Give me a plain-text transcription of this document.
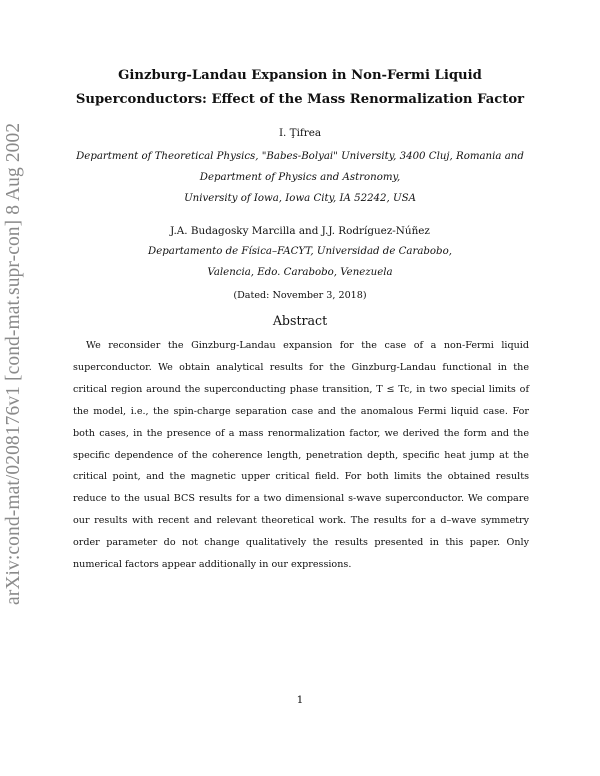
arXiv:cond-mat/0208176v1 [cond-mat.supr-con] 8 Aug 2002
Ginzburg-Landau Expansion in Non-Fermi Liquid Superconductors: Effect of the Mass Renormalization Factor
I. Ţifrea
Department of Theoretical Physics, "Babes-Bolyai" University, 3400 Cluj, Romania and
Department of Physics and Astronomy,
University of Iowa, Iowa City, IA 52242, USA
J.A. Budagosky Marcilla and J.J. Rodríguez-Núñez
Departamento de Física–FACYT, Universidad de Carabobo,
Valencia, Edo. Carabobo, Venezuela
(Dated: November 3, 2018)
Abstract

We reconsider the Ginzburg-Landau expansion for the case of a non-Fermi liquid superconductor. We obtain analytical results for the Ginzburg-Landau functional in the critical region around the superconducting phase transition, T ≤ Tc, in two special limits of the model, i.e., the spin-charge separation case and the anomalous Fermi liquid case. For both cases, in the presence of a mass renormalization factor, we derived the form and the specific dependence of the coherence length, penetration depth, specific heat jump at the critical point, and the magnetic upper critical field. For both limits the obtained results reduce to the usual BCS results for a two dimensional s-wave superconductor. We compare our results with recent and relevant theoretical work. The results for a d–wave symmetry order parameter do not change qualitatively the results presented in this paper. Only numerical factors appear additionally in our expressions.

1
